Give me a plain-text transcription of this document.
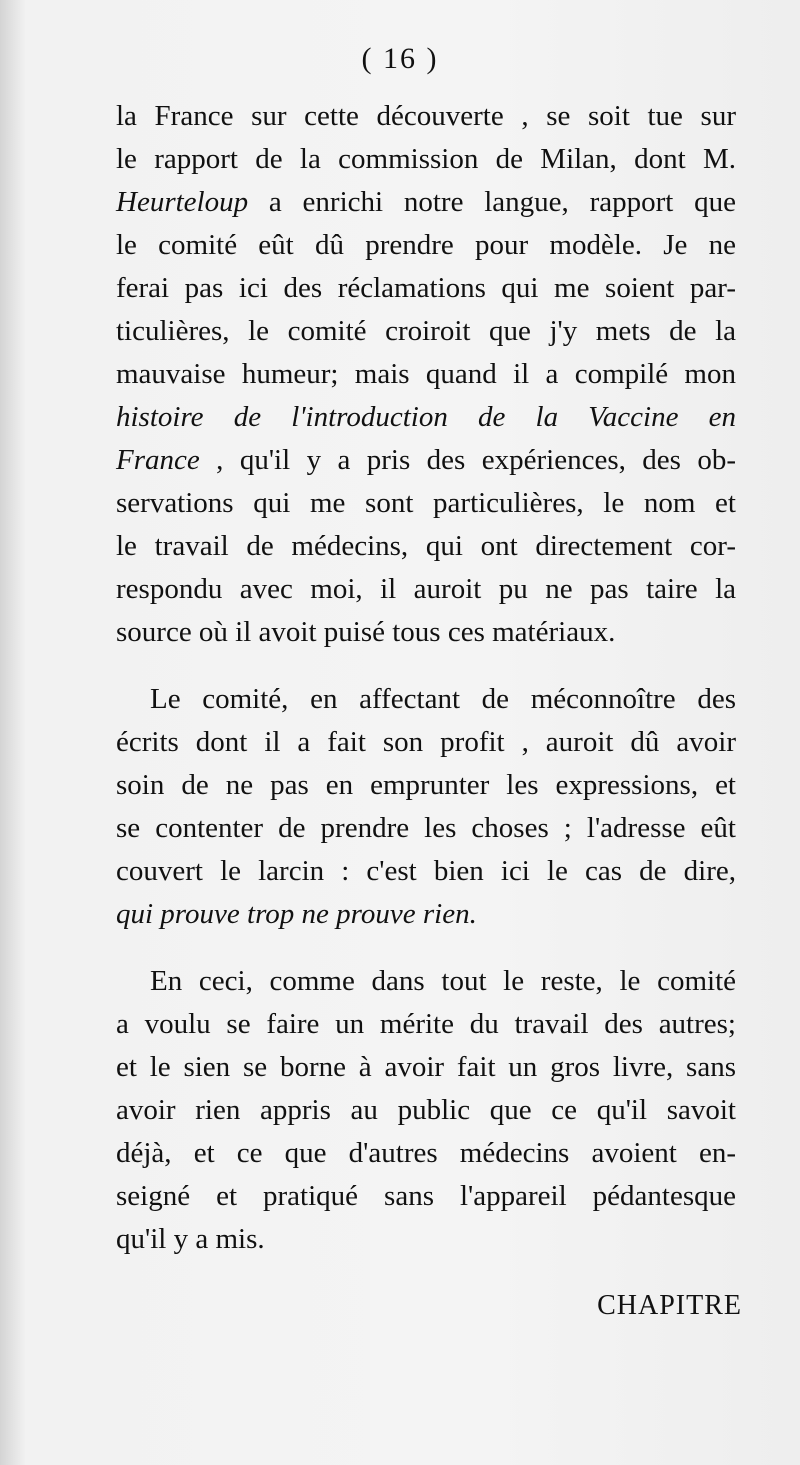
( 16 )
la France sur cette découverte , se soit tue sur
le rapport de la commission de Milan, dont M.
Heurteloup a enrichi notre langue, rapport que
le comité eût dû prendre pour modèle. Je ne
ferai pas ici des réclamations qui me soient par-
ticulières, le comité croiroit que j'y mets de la
mauvaise humeur; mais quand il a compilé mon
histoire de l'introduction de la Vaccine en
France , qu'il y a pris des expériences, des ob-
servations qui me sont particulières, le nom et
le travail de médecins, qui ont directement cor-
respondu avec moi, il auroit pu ne pas taire la
source où il avoit puisé tous ces matériaux.
Le comité, en affectant de méconnoître des
écrits dont il a fait son profit , auroit dû avoir
soin de ne pas en emprunter les expressions, et
se contenter de prendre les choses ; l'adresse eût
couvert le larcin : c'est bien ici le cas de dire,
qui prouve trop ne prouve rien.
En ceci, comme dans tout le reste, le comité
a voulu se faire un mérite du travail des autres;
et le sien se borne à avoir fait un gros livre, sans
avoir rien appris au public que ce qu'il savoit
déjà, et ce que d'autres médecins avoient en-
seigné et pratiqué sans l'appareil pédantesque
qu'il y a mis.
CHAPITRE
